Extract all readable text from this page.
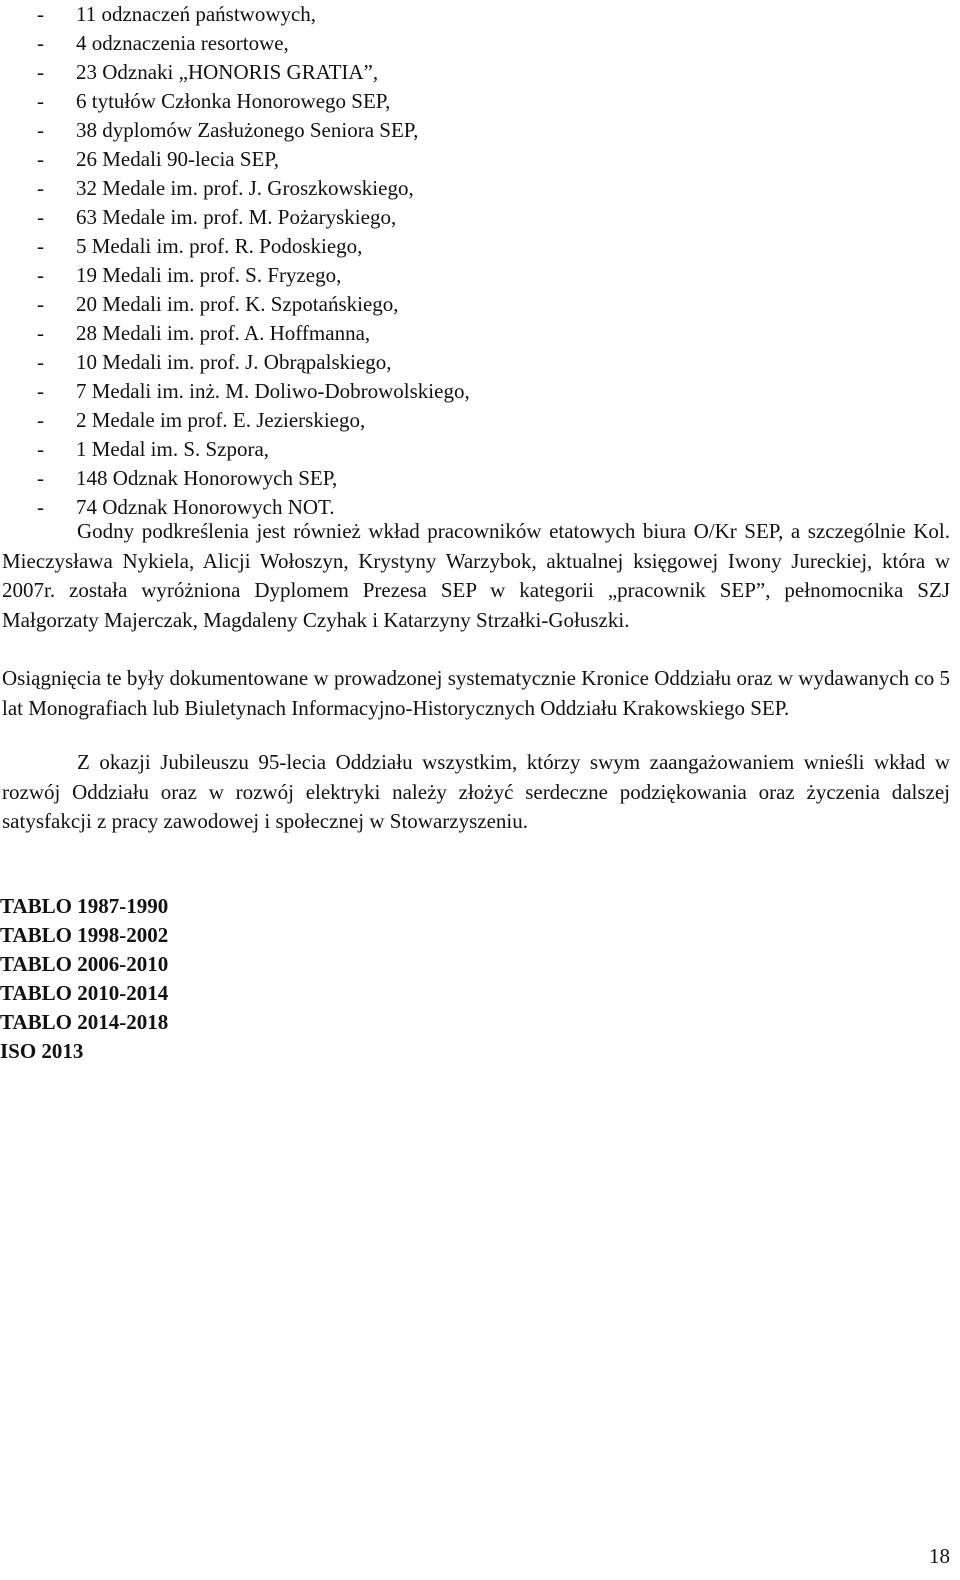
- 11 odznaczeń państwowych,
- 4 odznaczenia resortowe,
- 23 Odznaki „HONORIS GRATIA”,
- 6 tytułów Członka Honorowego SEP,
- 38 dyplomów Zasłużonego Seniora SEP,
- 26 Medali 90-lecia SEP,
- 32 Medale im. prof. J. Groszkowskiego,
- 63 Medale im. prof. M. Pożaryskiego,
- 5 Medali im. prof. R. Podoskiego,
- 19 Medali im. prof. S. Fryzego,
- 20 Medali im. prof. K. Szpotańskiego,
- 28 Medali im. prof. A. Hoffmanna,
- 10 Medali im. prof. J. Obrąpalskiego,
- 7 Medali im. inż. M. Doliwo-Dobrowolskiego,
- 2 Medale im prof. E. Jezierskiego,
- 1 Medal im. S. Szpora,
- 148 Odznak Honorowych SEP,
- 74 Odznak Honorowych NOT.

Godny podkreślenia jest również wkład pracowników etatowych biura O/Kr SEP, a szczególnie Kol. Mieczysława Nykiela, Alicji Wołoszyn, Krystyny Warzybok, aktualnej księgowej Iwony Jureckiej, która w 2007r. została wyróżniona Dyplomem Prezesa SEP w kategorii „pracownik SEP”, pełnomocnika SZJ Małgorzaty Majerczak, Magdaleny Czyhak i Katarzyny Strzałki-Gołuszki.

Osiągnięcia te były dokumentowane w prowadzonej systematycznie Kronice Oddziału oraz w wydawanych co 5 lat Monografiach lub Biuletynach Informacyjno-Historycznych Oddziału Krakowskiego SEP.

Z okazji Jubileuszu 95-lecia Oddziału wszystkim, którzy swym zaangażowaniem wnieśli wkład w rozwój Oddziału oraz w rozwój elektryki należy złożyć serdeczne podziękowania oraz życzenia dalszej satysfakcji z pracy zawodowej i społecznej w Stowarzyszeniu.

TABLO 1987-1990
TABLO 1998-2002
TABLO 2006-2010
TABLO 2010-2014
TABLO 2014-2018
ISO 2013
18
